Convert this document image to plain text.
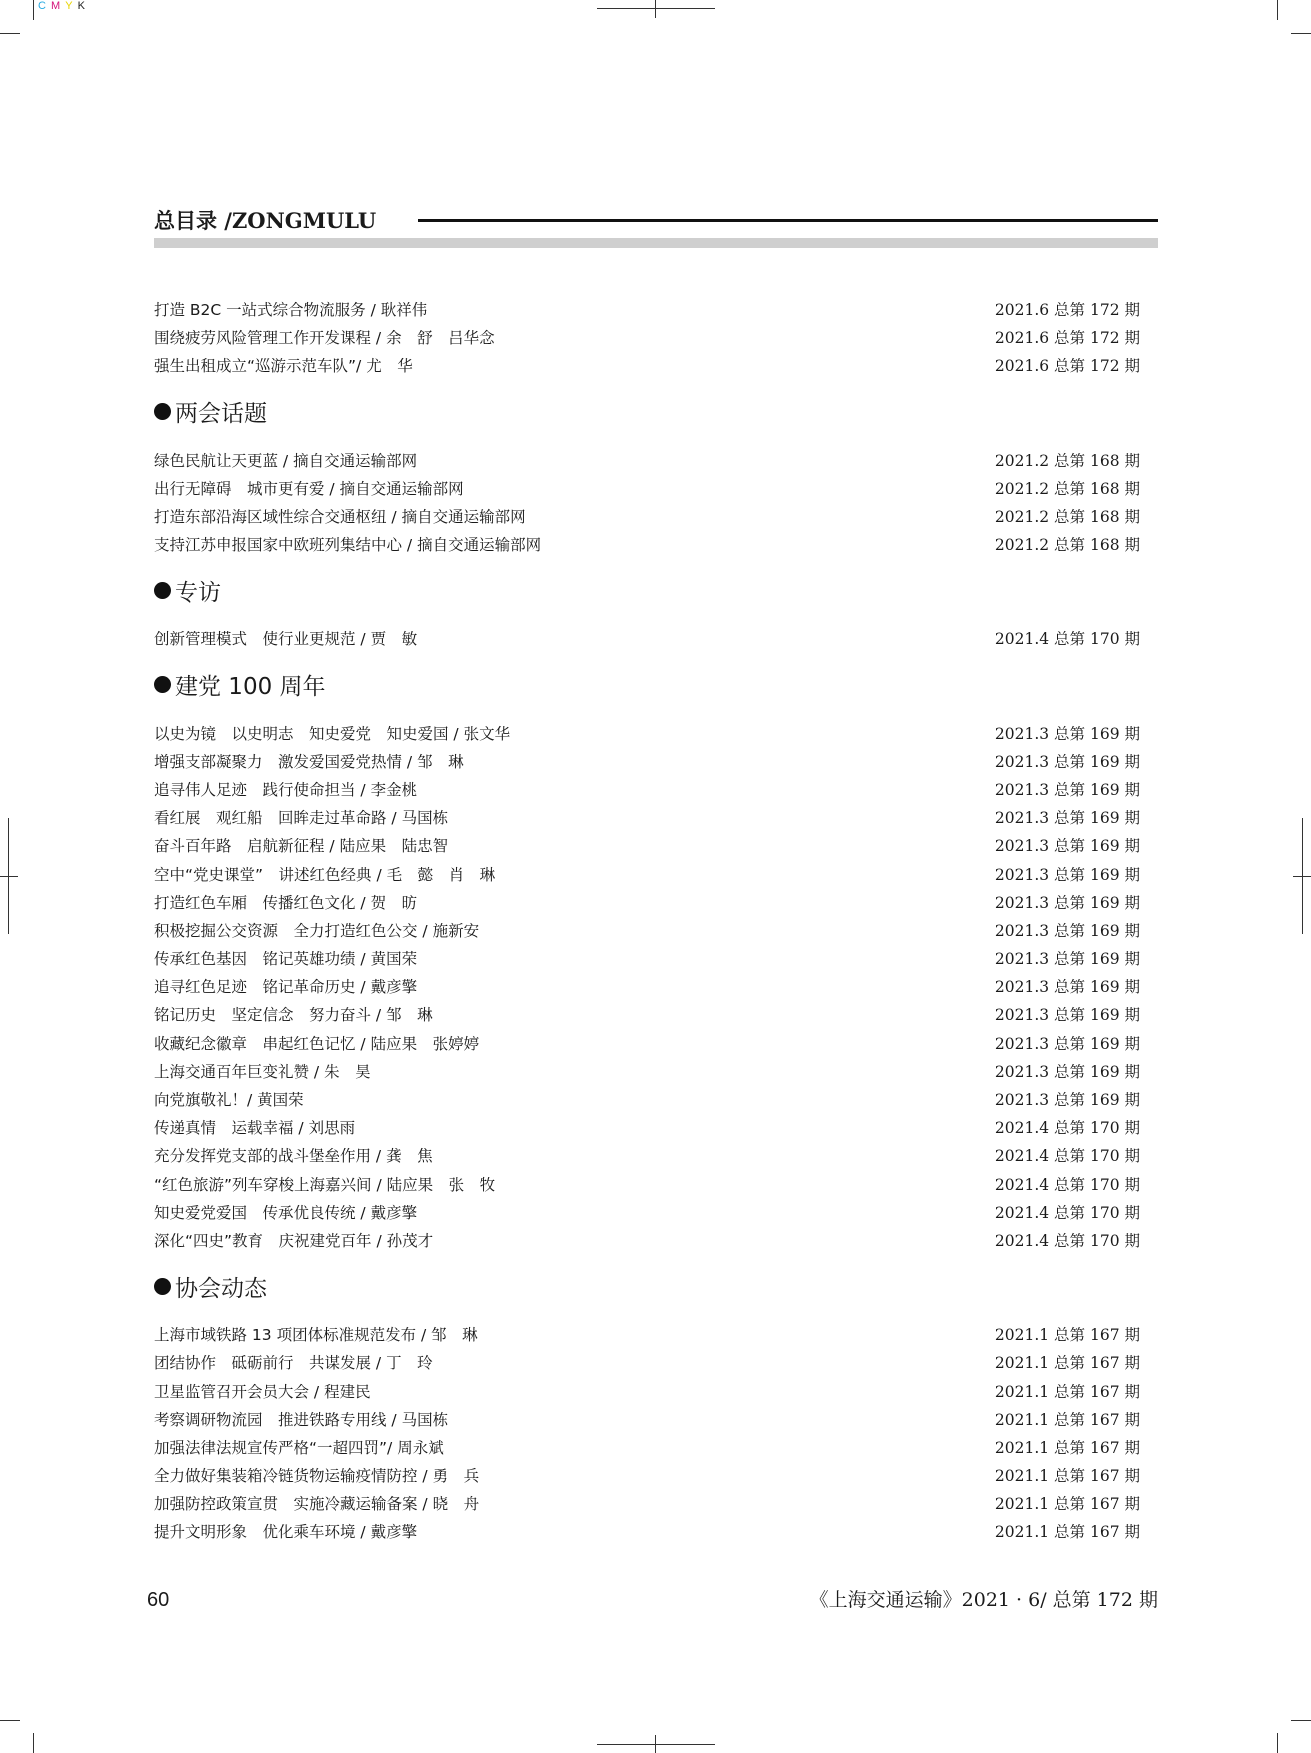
C M Y K
总目录 /ZONGMULU
打造 B2C 一站式综合物流服务 / 耿祥伟	2021.6 总第 172 期
围绕疲劳风险管理工作开发课程 / 余　舒　吕华念	2021.6 总第 172 期
强生出租成立“巡游示范车队”/ 尤　华	2021.6 总第 172 期
两会话题
绿色民航让天更蓝 / 摘自交通运输部网	2021.2 总第 168 期
出行无障碍　城市更有爱 / 摘自交通运输部网	2021.2 总第 168 期
打造东部沿海区域性综合交通枢纽 / 摘自交通运输部网	2021.2 总第 168 期
支持江苏申报国家中欧班列集结中心 / 摘自交通运输部网	2021.2 总第 168 期
专访
创新管理模式　使行业更规范 / 贾　敏	2021.4 总第 170 期
建党 100 周年
以史为镜　以史明志　知史爱党　知史爱国 / 张文华	2021.3 总第 169 期
增强支部凝聚力　激发爱国爱党热情 / 邹　琳	2021.3 总第 169 期
追寻伟人足迹　践行使命担当 / 李金桃	2021.3 总第 169 期
看红展　观红船　回眸走过革命路 / 马国栋	2021.3 总第 169 期
奋斗百年路　启航新征程 / 陆应果　陆忠智	2021.3 总第 169 期
空中“党史课堂”　讲述红色经典 / 毛　懿　肖　琳	2021.3 总第 169 期
打造红色车厢　传播红色文化 / 贺　昉	2021.3 总第 169 期
积极挖掘公交资源　全力打造红色公交 / 施新安	2021.3 总第 169 期
传承红色基因　铭记英雄功绩 / 黄国荣	2021.3 总第 169 期
追寻红色足迹　铭记革命历史 / 戴彦擎	2021.3 总第 169 期
铭记历史　坚定信念　努力奋斗 / 邹　琳	2021.3 总第 169 期
收藏纪念徽章　串起红色记忆 / 陆应果　张婷婷	2021.3 总第 169 期
上海交通百年巨变礼赞 / 朱　昊	2021.3 总第 169 期
向党旗敬礼！/ 黄国荣	2021.3 总第 169 期
传递真情　运载幸福 / 刘思雨	2021.4 总第 170 期
充分发挥党支部的战斗堡垒作用 / 龚　焦	2021.4 总第 170 期
“红色旅游”列车穿梭上海嘉兴间 / 陆应果　张　牧	2021.4 总第 170 期
知史爱党爱国　传承优良传统 / 戴彦擎	2021.4 总第 170 期
深化“四史”教育　庆祝建党百年 / 孙茂才	2021.4 总第 170 期
协会动态
上海市域铁路 13 项团体标准规范发布 / 邹　琳	2021.1 总第 167 期
团结协作　砥砺前行　共谋发展 / 丁　玲	2021.1 总第 167 期
卫星监管召开会员大会 / 程建民	2021.1 总第 167 期
考察调研物流园　推进铁路专用线 / 马国栋	2021.1 总第 167 期
加强法律法规宣传严格“一超四罚”/ 周永斌	2021.1 总第 167 期
全力做好集装箱冷链货物运输疫情防控 / 勇　兵	2021.1 总第 167 期
加强防控政策宣贯　实施冷藏运输备案 / 晓　舟	2021.1 总第 167 期
提升文明形象　优化乘车环境 / 戴彦擎	2021.1 总第 167 期
60	《上海交通运输》2021 · 6/ 总第 172 期
